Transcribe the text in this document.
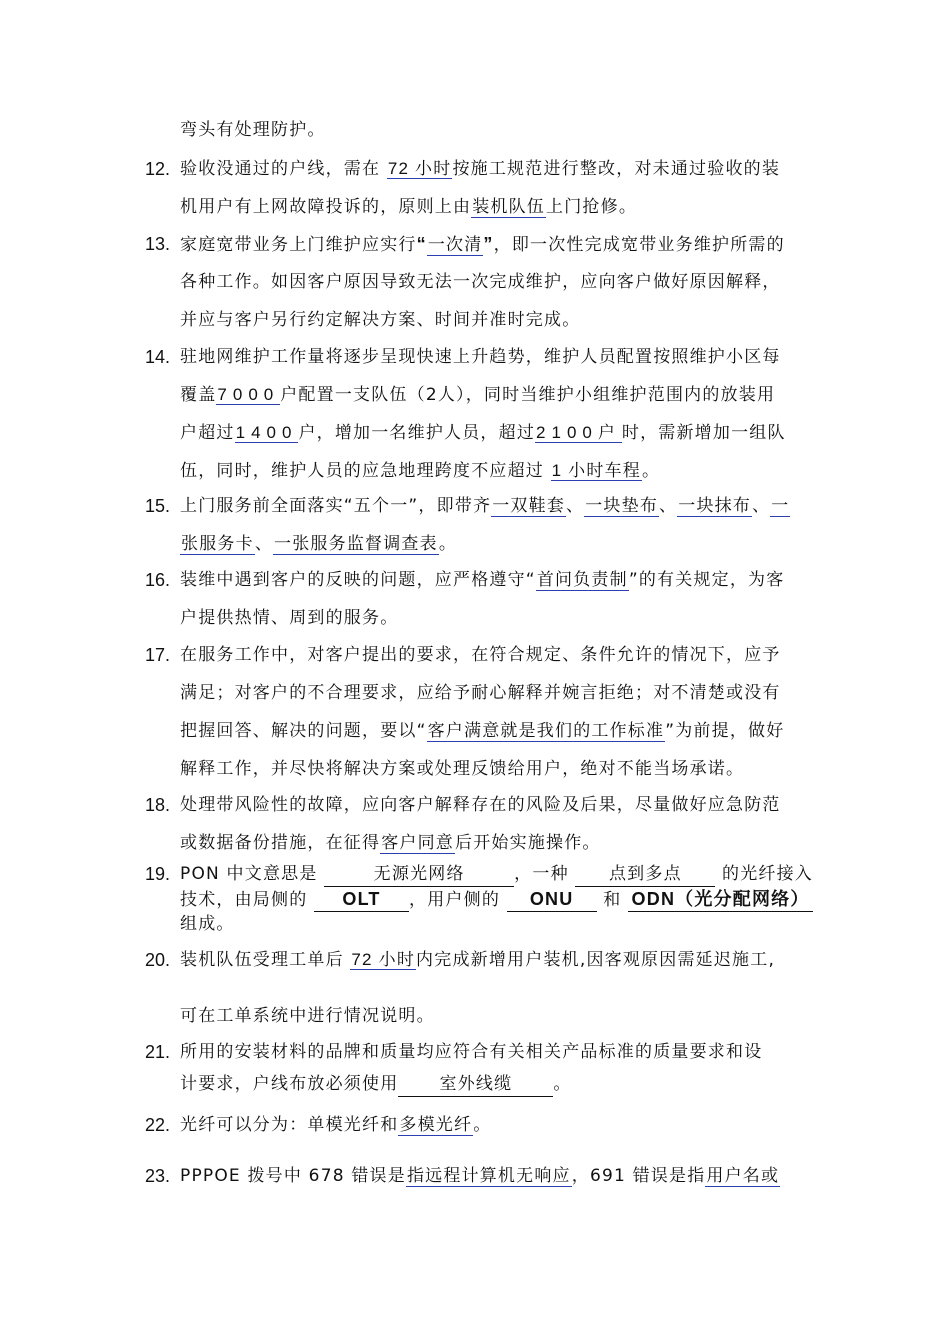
弯头有处理防护。
12. 验收没通过的户线，需在 72 小时按施工规范进行整改，对未通过验收的装
机用户有上网故障投诉的，原则上由装机队伍上门抢修。
13. 家庭宽带业务上门维护应实行“一次清”，即一次性完成宽带业务维护所需的
各种工作。如因客户原因导致无法一次完成维护，应向客户做好原因解释，
并应与客户另行约定解决方案、时间并准时完成。
14. 驻地网维护工作量将逐步呈现快速上升趋势，维护人员配置按照维护小区每
覆盖7000户配置一支队伍（2人），同时当维护小组维护范围内的放装用
户超过1400户，增加一名维护人员，超过2100户时，需新增加一组队
伍，同时，维护人员的应急地理跨度不应超过 1 小时车程。
15. 上门服务前全面落实“五个一”，即带齐一双鞋套、一块垫布、一块抹布、一
张服务卡、一张服务监督调查表。
16. 装维中遇到客户的反映的问题，应严格遵守“首问负责制”的有关规定，为客
户提供热情、周到的服务。
17. 在服务工作中，对客户提出的要求，在符合规定、条件允许的情况下，应予
满足；对客户的不合理要求，应给予耐心解释并婉言拒绝；对不清楚或没有
把握回答、解决的问题，要以“客户满意就是我们的工作标准”为前提，做好
解释工作，并尽快将解决方案或处理反馈给用户，绝对不能当场承诺。
18. 处理带风险性的故障，应向客户解释存在的风险及后果，尽量做好应急防范
或数据备份措施，在征得客户同意后开始实施操作。
19. PON 中文意思是	无源光网络	，一种 点到多点 的光纤接入
技术，由局侧的 OLT ，用户侧的 ONU 和 ODN（光分配网络）
组成。
20. 装机队伍受理工单后 72 小时内完成新增用户装机,因客观原因需延迟施工,
可在工单系统中进行情况说明。
21. 所用的安装材料的品牌和质量均应符合有关相关产品标准的质量要求和设
计要求，户线布放必须使用 室外线缆 。
22. 光纤可以分为：单模光纤和多模光纤。
23. PPPOE 拨号中 678 错误是指远程计算机无响应，691 错误是指用户名或
